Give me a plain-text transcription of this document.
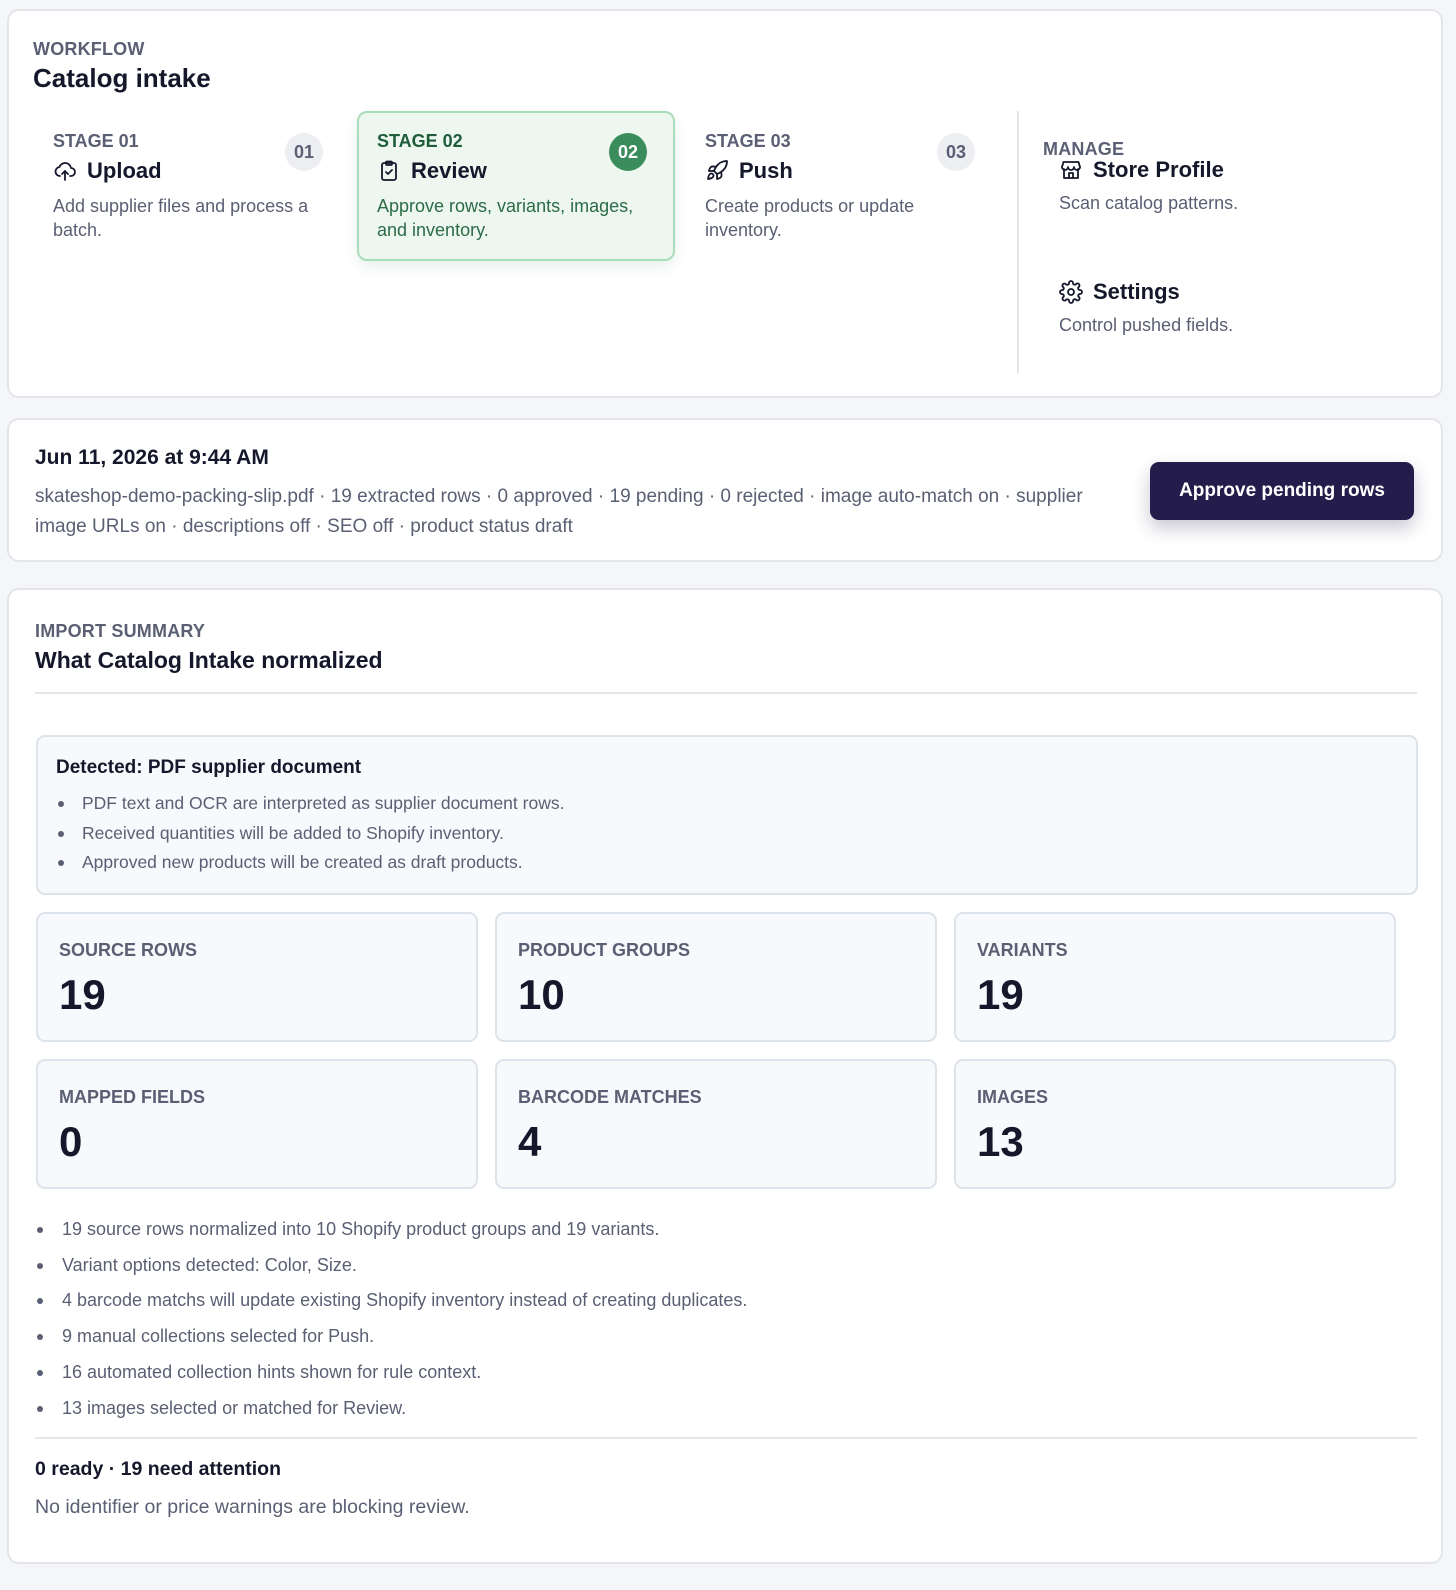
WORKFLOW
Catalog intake
STAGE 01
01
Upload
Add supplier files and process a batch.
STAGE 02
02
Review
Approve rows, variants, images, and inventory.
STAGE 03
03
Push
Create products or update inventory.
MANAGE
Store Profile
Scan catalog patterns.
Settings
Control pushed fields.
Jun 11, 2026 at 9:44 AM
skateshop-demo-packing-slip.pdf · 19 extracted rows · 0 approved · 19 pending · 0 rejected · image auto-match on · supplier image URLs on · descriptions off · SEO off · product status draft
Approve pending rows
IMPORT SUMMARY
What Catalog Intake normalized
Detected: PDF supplier document
PDF text and OCR are interpreted as supplier document rows.
Received quantities will be added to Shopify inventory.
Approved new products will be created as draft products.
SOURCE ROWS
19
PRODUCT GROUPS
10
VARIANTS
19
MAPPED FIELDS
0
BARCODE MATCHES
4
IMAGES
13
19 source rows normalized into 10 Shopify product groups and 19 variants.
Variant options detected: Color, Size.
4 barcode matchs will update existing Shopify inventory instead of creating duplicates.
9 manual collections selected for Push.
16 automated collection hints shown for rule context.
13 images selected or matched for Review.
0 ready · 19 need attention
No identifier or price warnings are blocking review.
